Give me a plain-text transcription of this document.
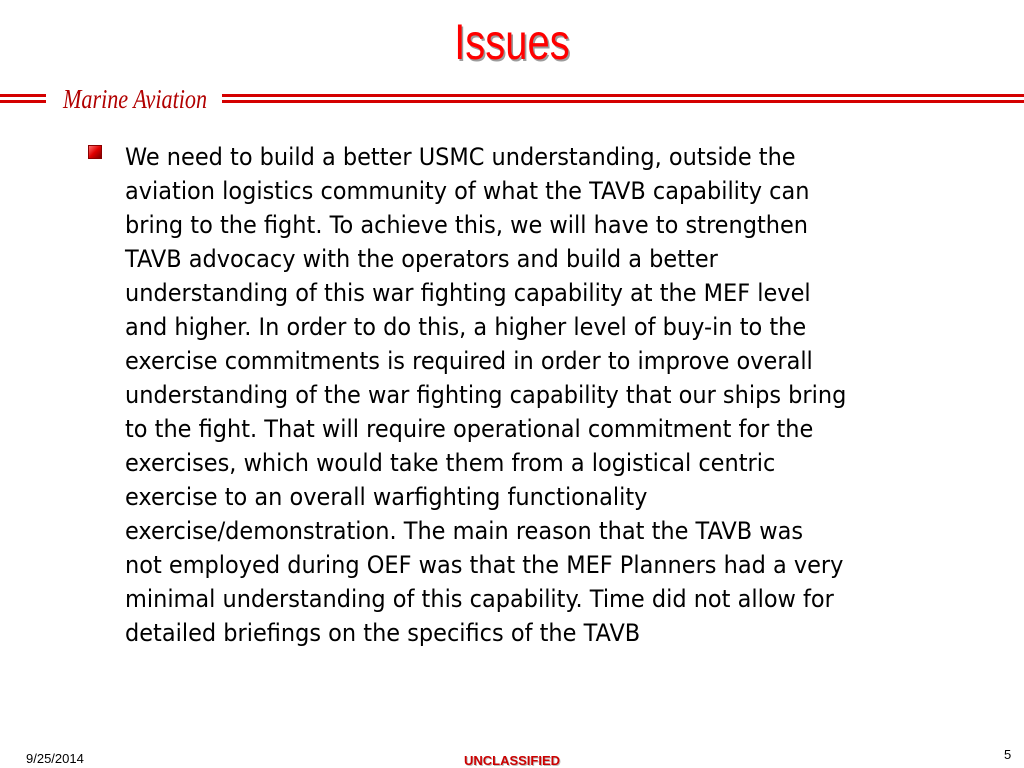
Issues
Marine Aviation

We need to build a better USMC understanding, outside the
aviation logistics community of what the TAVB capability can
bring to the fight. To achieve this, we will have to strengthen
TAVB advocacy with the operators and build a better
understanding of this war fighting capability at the MEF level
and higher. In order to do this, a higher level of buy-in to the
exercise commitments is required in order to improve overall
understanding of the war fighting capability that our ships bring
to the fight. That will require operational commitment for the
exercises, which would take them from a logistical centric
exercise to an overall warfighting functionality
exercise/demonstration. The main reason that the TAVB was
not employed during OEF was that the MEF Planners had a very
minimal understanding of this capability. Time did not allow for
detailed briefings on the specifics of the TAVB

9/25/2014	UNCLASSIFIED	5
